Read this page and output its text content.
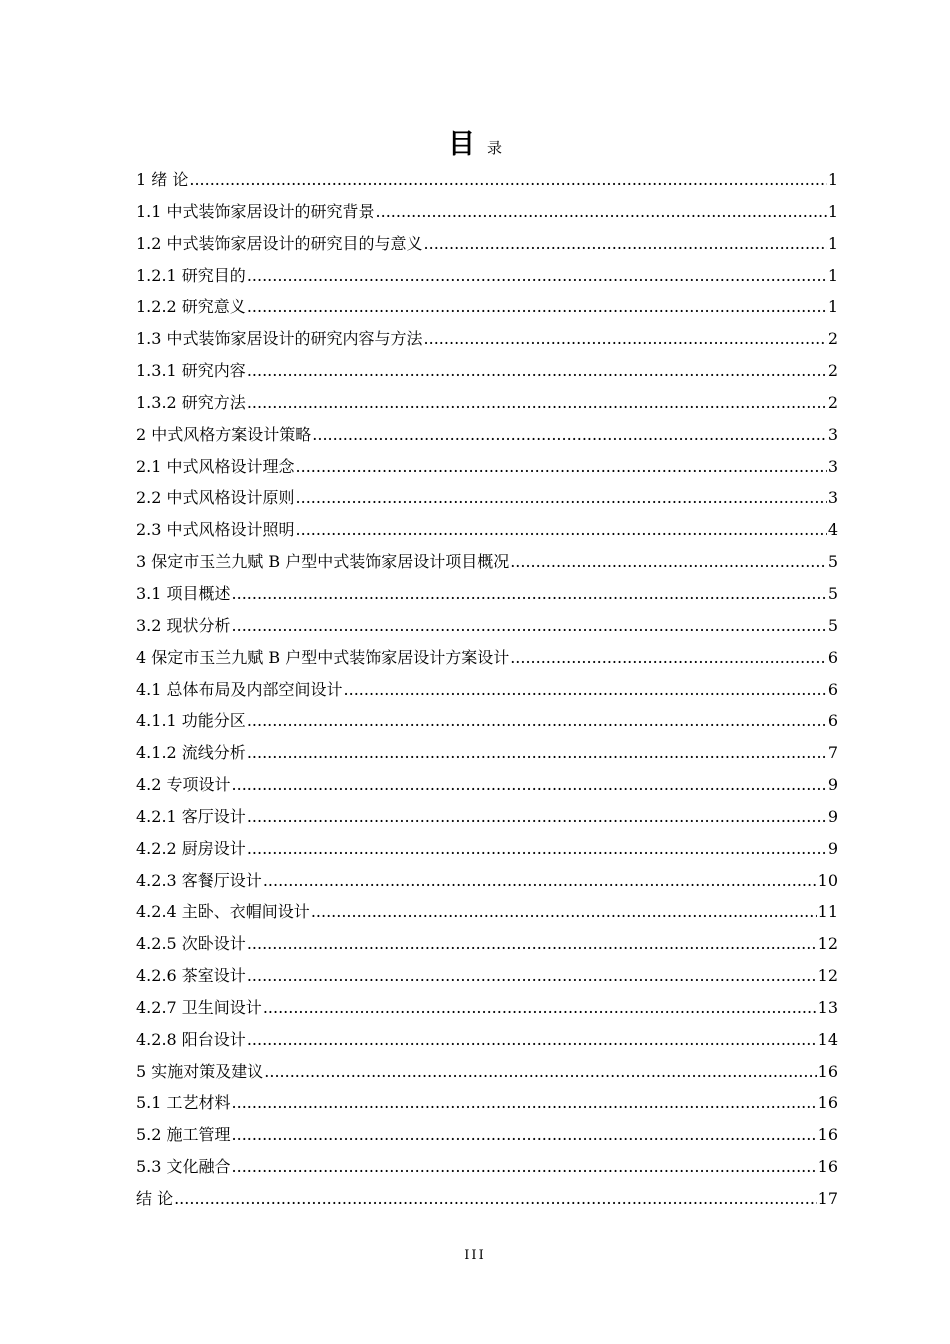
目录
1 绪 论 .....	1
1.1 中式装饰家居设计的研究背景 .....	1
1.2 中式装饰家居设计的研究目的与意义 .....	1
1.2.1 研究目的 .....	1
1.2.2 研究意义 .....	1
1.3 中式装饰家居设计的研究内容与方法 .....	2
1.3.1 研究内容 .....	2
1.3.2 研究方法 .....	2
2 中式风格方案设计策略 .....	3
2.1 中式风格设计理念 .....	3
2.2 中式风格设计原则 .....	3
2.3 中式风格设计照明 .....	4
3 保定市玉兰九赋 B 户型中式装饰家居设计项目概况 .....	5
3.1 项目概述 .....	5
3.2 现状分析 .....	5
4 保定市玉兰九赋 B 户型中式装饰家居设计方案设计 .....	6
4.1 总体布局及内部空间设计 .....	6
4.1.1 功能分区 .....	6
4.1.2 流线分析 .....	7
4.2 专项设计 .....	9
4.2.1 客厅设计 .....	9
4.2.2 厨房设计 .....	9
4.2.3 客餐厅设计 .....	10
4.2.4 主卧、衣帽间设计 .....	11
4.2.5 次卧设计 .....	12
4.2.6 茶室设计 .....	12
4.2.7 卫生间设计 .....	13
4.2.8 阳台设计 .....	14
5 实施对策及建议 .....	16
5.1 工艺材料 .....	16
5.2 施工管理 .....	16
5.3 文化融合 .....	16
结 论 .....	17
III
